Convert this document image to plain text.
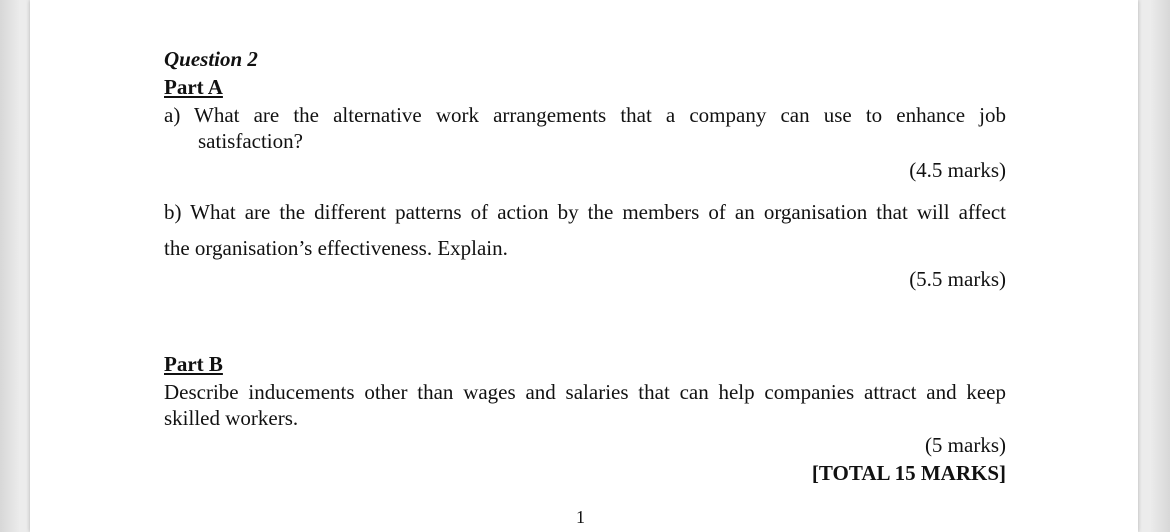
Question 2
Part A
a) What are the alternative work arrangements that a company can use to enhance job
satisfaction?
(4.5 marks)
b) What are the different patterns of action by the members of an organisation that will affect
the organisation’s effectiveness. Explain.
(5.5 marks)
Part B
Describe inducements other than wages and salaries that can help companies attract and keep
skilled workers.
(5 marks)
[TOTAL 15 MARKS]
1
